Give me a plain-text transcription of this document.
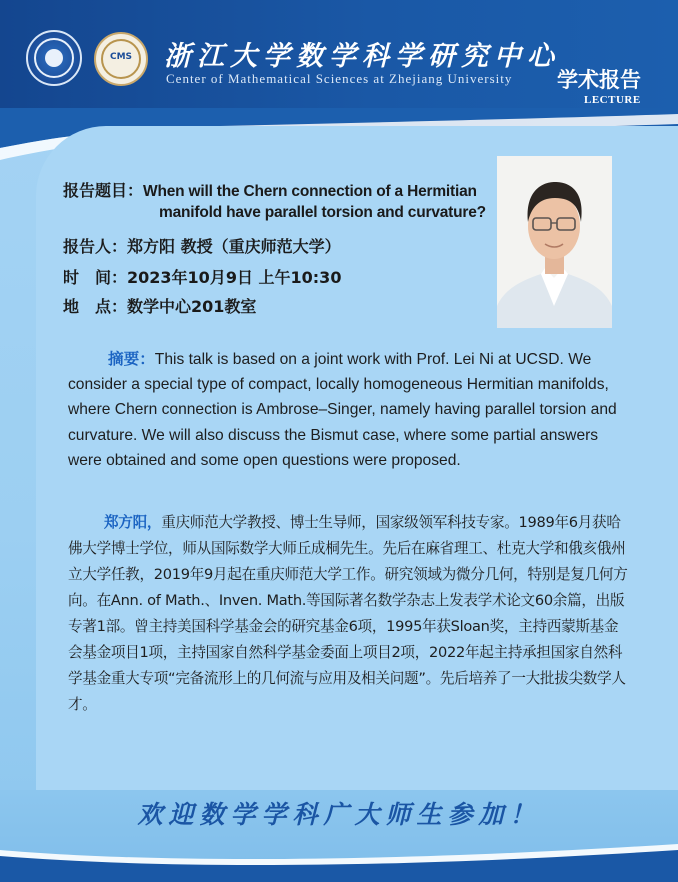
CMS	浙江大学数学科学研究中心
Center of Mathematical Sciences at Zhejiang University 学术报告
LECTURE
报告题目：When will the Chern connection of a Hermitian
manifold have parallel torsion and curvature?
报告人：郑方阳 教授（重庆师范大学）
时　间：2023年10月9日 上午10:30
地　点：数学中心201教室
摘要：This talk is based on a joint work with Prof. Lei Ni at UCSD. We consider a special type of compact, locally homogeneous Hermitian manifolds, where Chern connection is Ambrose–Singer, namely having parallel torsion and curvature. We will also discuss the Bismut case, where some partial answers were obtained and some open questions were proposed.
郑方阳，重庆师范大学教授、博士生导师，国家级领军科技专家。1989年6月获哈佛大学博士学位，师从国际数学大师丘成桐先生。先后在麻省理工、杜克大学和俄亥俄州立大学任教，2019年9月起在重庆师范大学工作。研究领域为微分几何，特别是复几何方向。在Ann. of Math.、Inven. Math.等国际著名数学杂志上发表学术论文60余篇，出版专著1部。曾主持美国科学基金会的研究基金6项，1995年获Sloan奖，主持西蒙斯基金会基金项目1项，主持国家自然科学基金委面上项目2项，2022年起主持承担国家自然科学基金重大专项“完备流形上的几何流与应用及相关问题”。先后培养了一大批拔尖数学人才。
欢迎数学学科广大师生参加！
